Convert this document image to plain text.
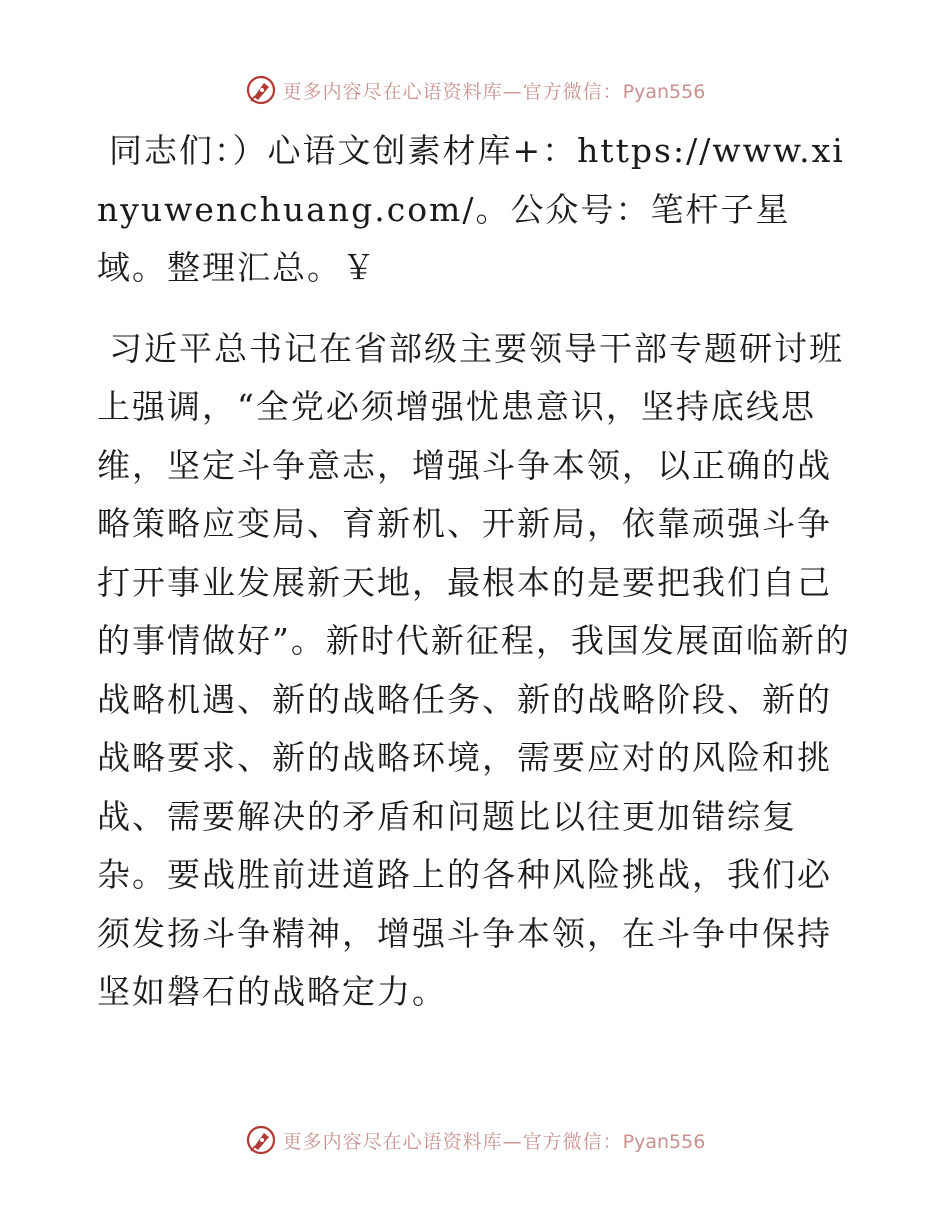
更多内容尽在心语资料库—官方微信：Pyan556

同志们：）心语文创素材库+：https://www.xinyuwenchuang.com/。公众号：笔杆子星域。整理汇总。￥

习近平总书记在省部级主要领导干部专题研讨班上强调，“全党必须增强忧患意识，坚持底线思维，坚定斗争意志，增强斗争本领，以正确的战略策略应变局、育新机、开新局，依靠顽强斗争打开事业发展新天地，最根本的是要把我们自己的事情做好”。新时代新征程，我国发展面临新的战略机遇、新的战略任务、新的战略阶段、新的战略要求、新的战略环境，需要应对的风险和挑战、需要解决的矛盾和问题比以往更加错综复杂。要战胜前进道路上的各种风险挑战，我们必须发扬斗争精神，增强斗争本领，在斗争中保持坚如磐石的战略定力。

更多内容尽在心语资料库—官方微信：Pyan556
